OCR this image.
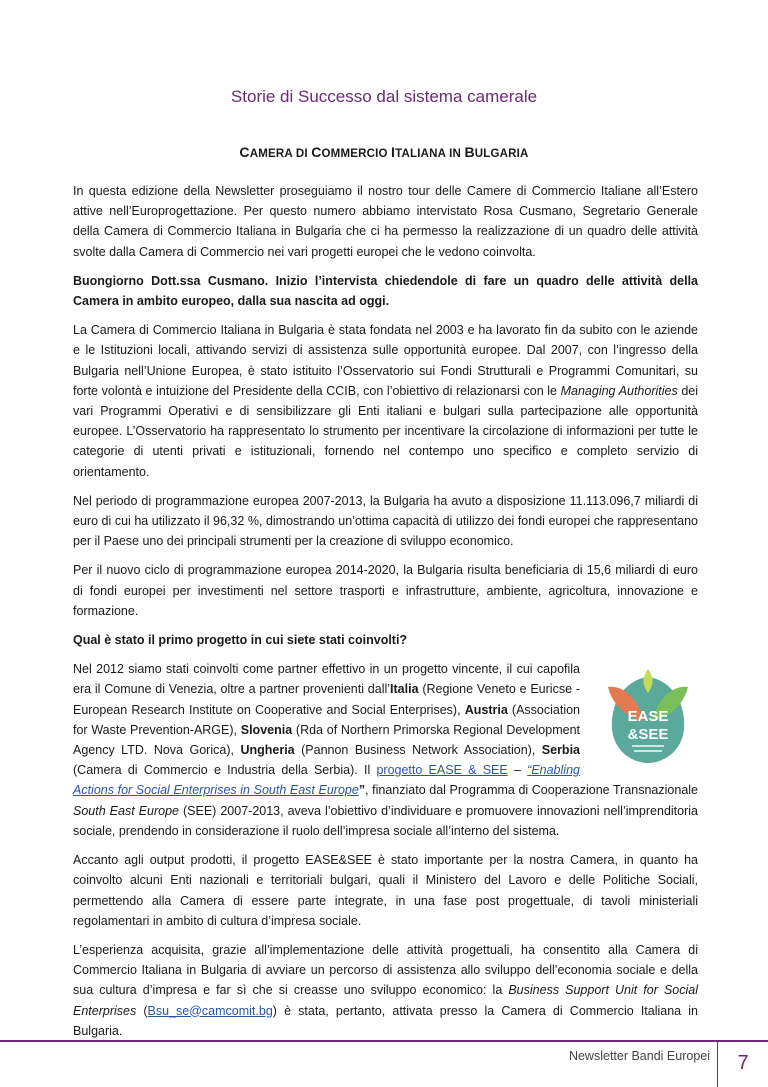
Storie di Successo dal sistema camerale
CAMERA DI COMMERCIO ITALIANA IN BULGARIA

In questa edizione della Newsletter proseguiamo il nostro tour delle Camere di Commercio Italiane all’Estero attive nell’Europrogettazione. Per questo numero abbiamo intervistato Rosa Cusmano, Segretario Generale della Camera di Commercio Italiana in Bulgaria che ci ha permesso la realizzazione di un quadro delle attività svolte dalla Camera di Commercio nei vari progetti europei che le vedono coinvolta.

Buongiorno Dott.ssa Cusmano. Inizio l’intervista chiedendole di fare un quadro delle attività della Camera in ambito europeo, dalla sua nascita ad oggi.

La Camera di Commercio Italiana in Bulgaria è stata fondata nel 2003 e ha lavorato fin da subito con le aziende e le Istituzioni locali, attivando servizi di assistenza sulle opportunità europee. Dal 2007, con l’ingresso della Bulgaria nell’Unione Europea, è stato istituito l’Osservatorio sui Fondi Strutturali e Programmi Comunitari, su forte volontà e intuizione del Presidente della CCIB, con l’obiettivo di relazionarsi con le Managing Authorities dei vari Programmi Operativi e di sensibilizzare gli Enti italiani e bulgari sulla partecipazione alle opportunità europee. L’Osservatorio ha rappresentato lo strumento per incentivare la circolazione di informazioni per tutte le categorie di utenti privati e istituzionali, fornendo nel contempo uno specifico e completo servizio di orientamento.

Nel periodo di programmazione europea 2007-2013, la Bulgaria ha avuto a disposizione 11.113.096,7 miliardi di euro di cui ha utilizzato il 96,32 %, dimostrando un’ottima capacità di utilizzo dei fondi europei che rappresentano per il Paese uno dei principali strumenti per la creazione di sviluppo economico.

Per il nuovo ciclo di programmazione europea 2014-2020, la Bulgaria risulta beneficiaria di 15,6 miliardi di euro di fondi europei per investimenti nel settore trasporti e infrastrutture, ambiente, agricoltura, innovazione e formazione.

Qual è stato il primo progetto in cui siete stati coinvolti?

EASE
&SEE
Nel 2012 siamo stati coinvolti come partner effettivo in un progetto vincente, il cui capofila era il Comune di Venezia, oltre a partner provenienti dall’Italia (Regione Veneto e Euricse - European Research Institute on Cooperative and Social Enterprises), Austria (Association for Waste Prevention-ARGE), Slovenia (Rda of Northern Primorska Regional Development Agency LTD. Nova Gorica), Ungheria (Pannon Business Network Association), Serbia (Camera di Commercio e Industria della Serbia). Il progetto EASE & SEE – “Enabling Actions for Social Enterprises in South East Europe”, finanziato dal Programma di Cooperazione Transnazionale South East Europe (SEE) 2007-2013, aveva l’obiettivo d’individuare e promuovere innovazioni nell’imprenditoria sociale, prendendo in considerazione il ruolo dell’impresa sociale all’interno del sistema.

Accanto agli output prodotti, il progetto EASE&SEE è stato importante per la nostra Camera, in quanto ha coinvolto alcuni Enti nazionali e territoriali bulgari, quali il Ministero del Lavoro e delle Politiche Sociali, permettendo alla Camera di essere parte integrate, in una fase post progettuale, di tavoli ministeriali regolamentari in ambito di cultura d’impresa sociale.

L’esperienza acquisita, grazie all’implementazione delle attività progettuali, ha consentito alla Camera di Commercio Italiana in Bulgaria di avviare un percorso di assistenza allo sviluppo dell’economia sociale e della sua cultura d’impresa e far sì che si creasse uno sviluppo economico: la Business Support Unit for Social Enterprises (Bsu_se@camcomit.bg) è stata, pertanto, attivata presso la Camera di Commercio Italiana in Bulgaria.

Newsletter Bandi Europei	7
